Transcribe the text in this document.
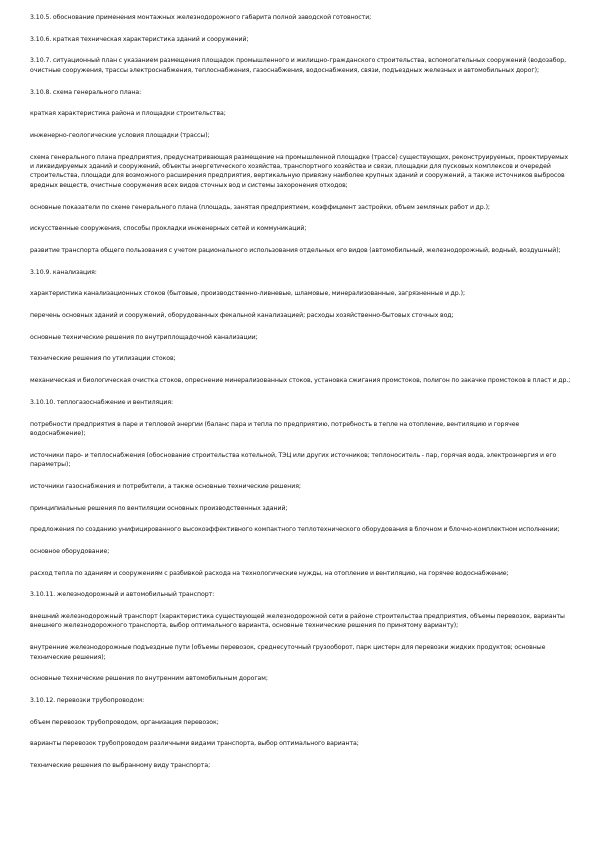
3.10.5. обоснование применения монтажных железнодорожного габарита полной заводской готовности;

3.10.6. краткая техническая характеристика зданий и сооружений;

3.10.7. ситуационный план с указанием размещения площадок промышленного и жилищно-гражданского строительства, вспомогательных сооружений (водозабор, очистные сооружения, трассы электроснабжения, теплоснабжения, газоснабжения, водоснабжения, связи, подъездных железных и автомобильных дорог);

3.10.8. схема генерального плана:

краткая характеристика района и площадки строительства;

инженерно-геологические условия площадки (трассы);

схема генерального плана предприятия, предусматривающая размещение на промышленной площадке (трассе) существующих, реконструируемых, проектируемых и ликвидируемых зданий и сооружений, объекты энергетического хозяйства, транспортного хозяйства и связи, площадки для пусковых комплексов и очередей строительства, площади для возможного расширения предприятия, вертикальную привязку наиболее крупных зданий и сооружений, а также источников выбросов вредных веществ, очистные сооружения всех видов сточных вод и системы захоронения отходов;

основные показатели по схеме генерального плана (площадь, занятая предприятием, коэффициент застройки, объем земляных работ и др.);

искусственные сооружения, способы прокладки инженерных сетей и коммуникаций;

развитие транспорта общего пользования с учетом рационального использования отдельных его видов (автомобильный, железнодорожный, водный, воздушный);

3.10.9. канализация:

характеристика канализационных стоков (бытовые, производственно-ливневые, шламовые, минерализованные, загрязненные и др.);

перечень основных зданий и сооружений, оборудованных фекальной канализацией; расходы хозяйственно-бытовых сточных вод;

основные технические решения по внутриплощадочной канализации;

технические решения по утилизации стоков;

механическая и биологическая очистка стоков, опреснение минерализованных стоков, установка сжигания промстоков, полигон по закачке промстоков в пласт и др.;

3.10.10. теплогазоснабжение и вентиляция:

потребности предприятия в паре и тепловой энергии (баланс пара и тепла по предприятию, потребность в тепле на отопление, вентиляцию и горячее водоснабжение);

источники паро- и теплоснабжения (обоснование строительства котельной, ТЭЦ или других источников; теплоноситель - пар, горячая вода, электроэнергия и его параметры);

источники газоснабжения и потребители, а также основные технические решения;

принципиальные решения по вентиляции основных производственных зданий;

предложения по созданию унифицированного высокоэффективного компактного теплотехнического оборудования в блочном и блочно-комплектном исполнении;

основное оборудование;

расход тепла по зданиям и сооружениям с разбивкой расхода на технологические нужды, на отопление и вентиляцию, на горячее водоснабжение;

3.10.11. железнодорожный и автомобильный транспорт:

внешний железнодорожный транспорт (характеристика существующей железнодорожной сети в районе строительства предприятия, объемы перевозок, варианты внешнего железнодорожного транспорта, выбор оптимального варианта, основные технические решения по принятому варианту);

внутренние железнодорожные подъездные пути (объемы перевозок, среднесуточный грузооборот, парк цистерн для перевозки жидких продуктов; основные технические решения);

основные технические решения по внутренним автомобильным дорогам;

3.10.12. перевозки трубопроводом:

объем перевозок трубопроводом, организация перевозок;

варианты перевозок трубопроводом различными видами транспорта, выбор оптимального варианта;

технические решения по выбранному виду транспорта;
